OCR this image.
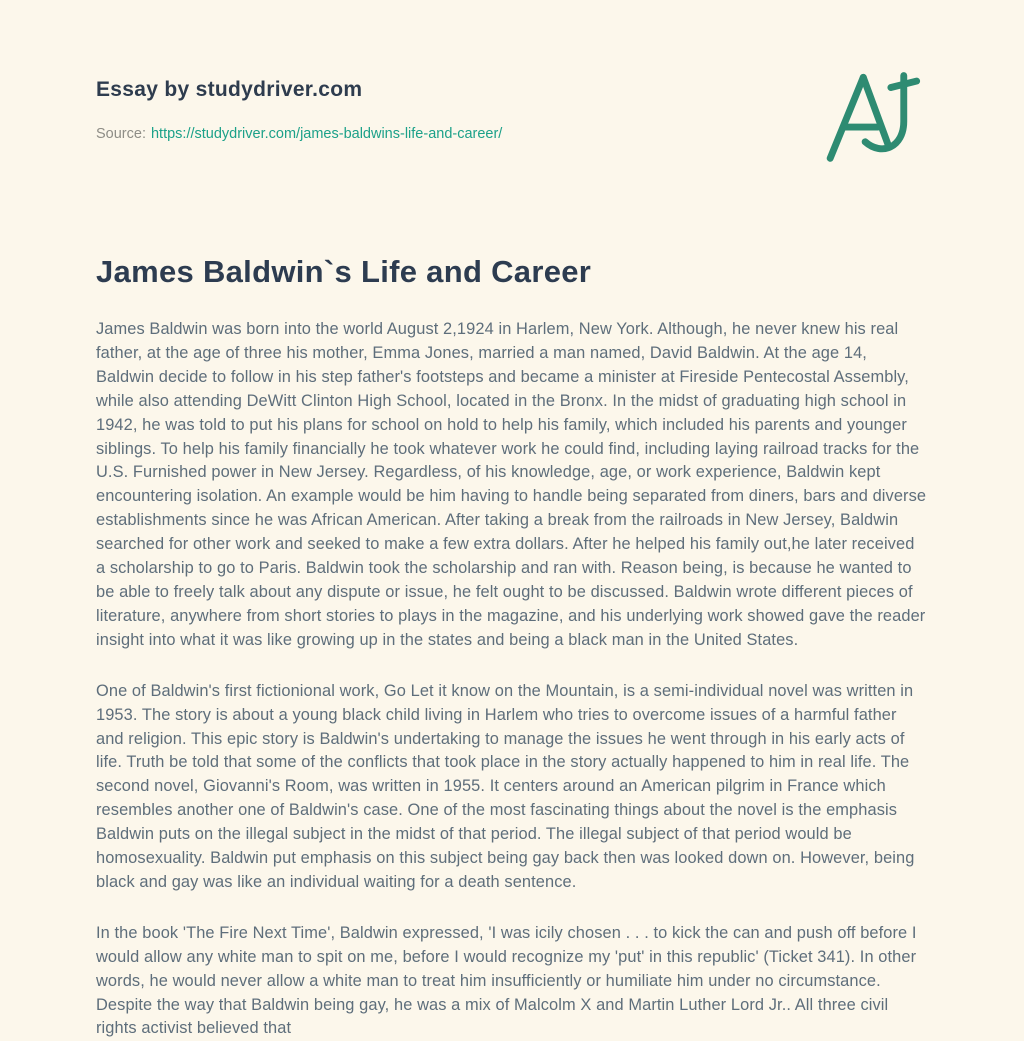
Essay by studydriver.com
Source: https://studydriver.com/james-baldwins-life-and-career/
James Baldwin`s Life and Career

James Baldwin was born into the world August 2,1924 in Harlem, New York. Although, he never knew his real father, at the age of three his mother, Emma Jones, married a man named, David Baldwin. At the age 14, Baldwin decide to follow in his step father's footsteps and became a minister at Fireside Pentecostal Assembly, while also attending DeWitt Clinton High School, located in the Bronx. In the midst of graduating high school in 1942, he was told to put his plans for school on hold to help his family, which included his parents and younger siblings. To help his family financially he took whatever work he could find, including laying railroad tracks for the U.S. Furnished power in New Jersey. Regardless, of his knowledge, age, or work experience, Baldwin kept encountering isolation. An example would be him having to handle being separated from diners, bars and diverse establishments since he was African American. After taking a break from the railroads in New Jersey, Baldwin searched for other work and seeked to make a few extra dollars. After he helped his family out,he later received a scholarship to go to Paris. Baldwin took the scholarship and ran with. Reason being, is because he wanted to be able to freely talk about any dispute or issue, he felt ought to be discussed. Baldwin wrote different pieces of literature, anywhere from short stories to plays in the magazine, and his underlying work showed gave the reader insight into what it was like growing up in the states and being a black man in the United States.

One of Baldwin's first fictionional work, Go Let it know on the Mountain, is a semi-individual novel was written in 1953. The story is about a young black child living in Harlem who tries to overcome issues of a harmful father and religion. This epic story is Baldwin's undertaking to manage the issues he went through in his early acts of life. Truth be told that some of the conflicts that took place in the story actually happened to him in real life. The second novel, Giovanni's Room, was written in 1955. It centers around an American pilgrim in France which resembles another one of Baldwin's case. One of the most fascinating things about the novel is the emphasis Baldwin puts on the illegal subject in the midst of that period. The illegal subject of that period would be homosexuality. Baldwin put emphasis on this subject being gay back then was looked down on. However, being black and gay was like an individual waiting for a death sentence.

In the book 'The Fire Next Time', Baldwin expressed, 'I was icily chosen . . . to kick the can and push off before I would allow any white man to spit on me, before I would recognize my 'put' in this republic' (Ticket 341). In other words, he would never allow a white man to treat him insufficiently or humiliate him under no circumstance. Despite the way that Baldwin being gay, he was a mix of Malcolm X and Martin Luther Lord Jr.. All three civil rights activist believed that
